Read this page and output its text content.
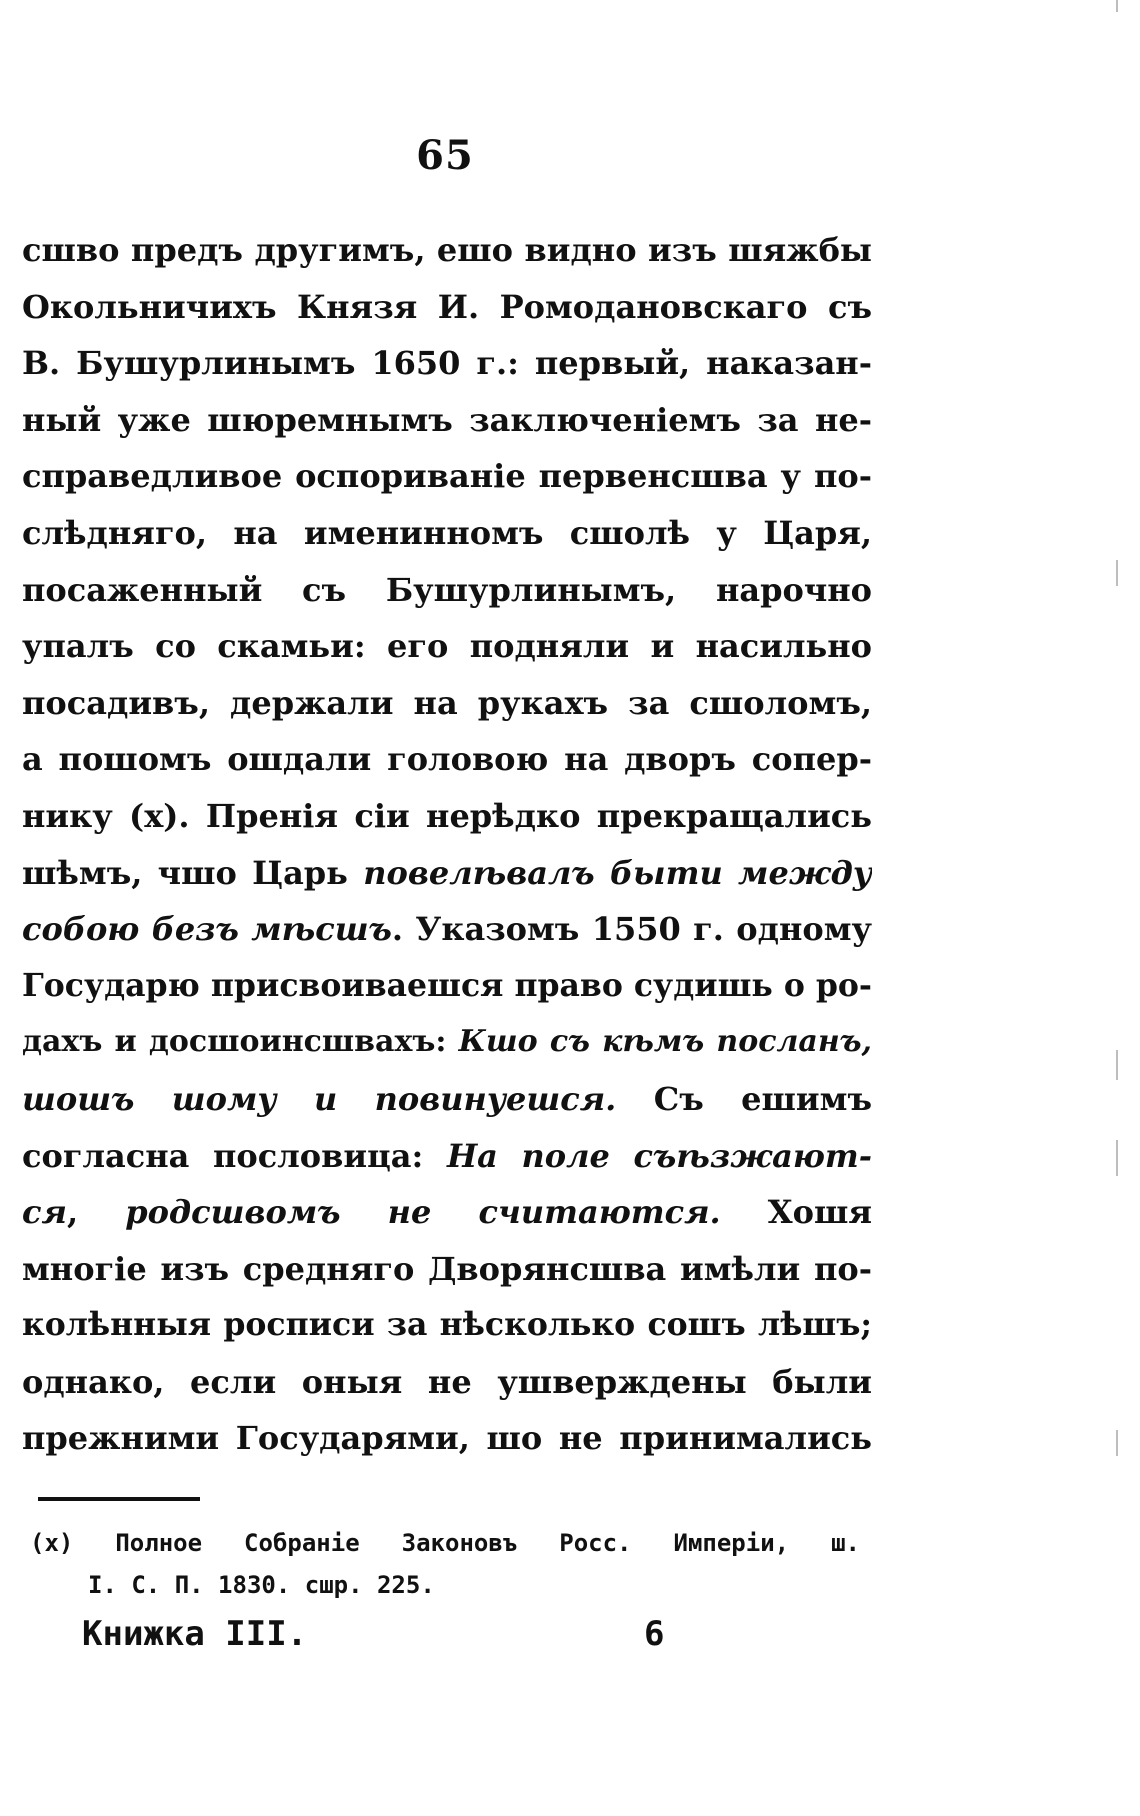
65
сшво предъ другимъ, ешо видно изъ шяжбы
Окольничихъ Князя И. Ромодановскаго съ
В. Бушурлинымъ 1650 г.: первый, наказан-
ный уже шюремнымъ заключенieмъ за не-
справедливое оспориванie первенсшва у по-
слѣдняго, на именинномъ сшолѣ у Царя,
посаженный съ Бушурлинымъ, нарочно
упалъ со скамьи: его подняли и насильно
посадивъ, держали на рукахъ за сшоломъ,
а пошомъ ошдали головою на дворъ сопер-
нику (х). Пренiя сiи нерѣдко прекращались
шѣмъ, чшо Царь повелѣвалъ быти между
собою безъ мѣсшъ. Указомъ 1550 г. одному
Государю присвоиваешся право судишь о ро-
дахъ и досшоинсшвахъ: Кшо съ кѣмъ посланъ,
шошъ шому и повинуешся. Съ ешимъ
согласна пословица: На поле съѣзжают-
ся, родсшвомъ не считаются. Хошя
многie изъ средняго Дворянсшва имѣли по-
колѣнныя росписи за нѣсколько сошъ лѣшъ;
однако, если оныя не ушверждены были
прежними Государями, шо не принимались
(х) Полное Собранiе Законовъ Росс. Имперiи, ш.
I. С. П. 1830. сшр. 225.
Книжка III.	6
